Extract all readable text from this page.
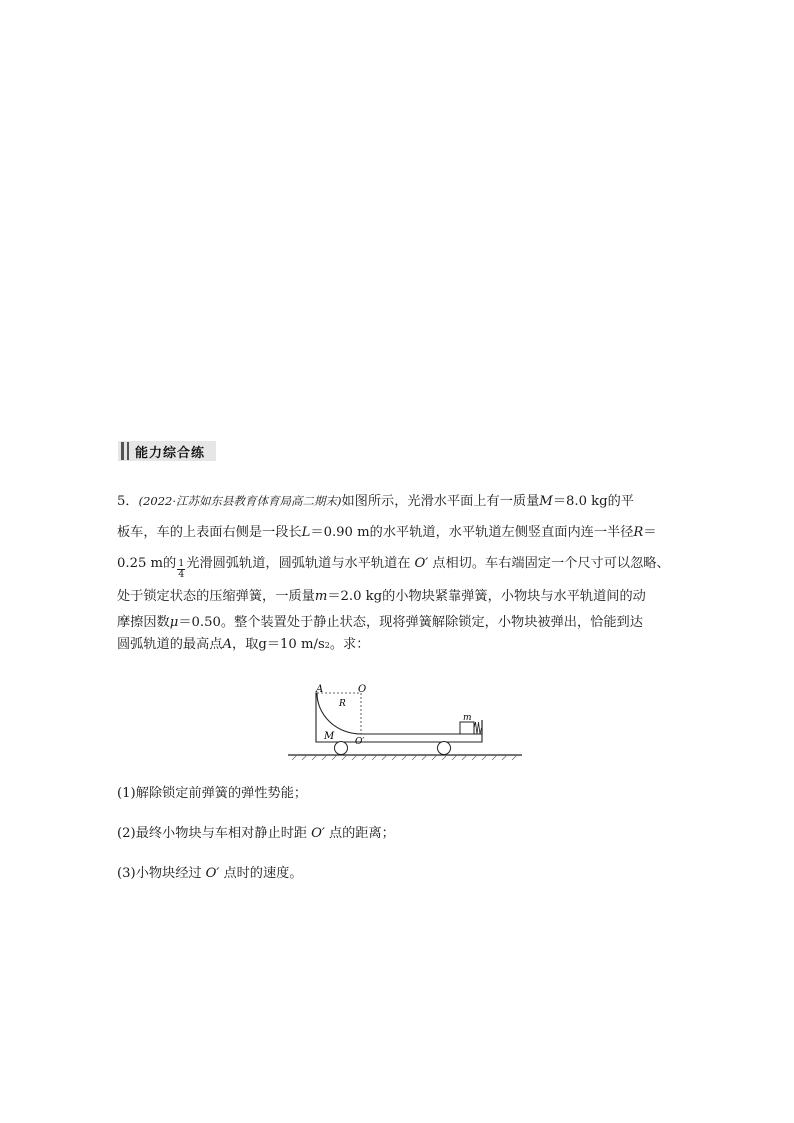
能力综合练
5． (2022·江苏如东县教育体育局高二期末) 如图所示，光滑水平面上有一质量 M ＝8.0 kg的平
板车，车的上表面右侧是一段长 L ＝0.90 m的水平轨道，水平轨道左侧竖直面内连一半径 R ＝
0.25 m的 $\frac{1}{4}$ 光滑圆弧轨道，圆弧轨道与水平轨道在 O′ 点相切。车右端固定一个尺寸可以忽略、
处于锁定状态的压缩弹簧，一质量 m ＝2.0 kg的小物块紧靠弹簧，小物块与水平轨道间的动
摩擦因数 μ ＝0.50。整个装置处于静止状态，现将弹簧解除锁定，小物块被弹出，恰能到达
圆弧轨道的最高点 A ，取g＝10 m/s 2 。求：
A	O
R
M O′
m
(1)解除锁定前弹簧的弹性势能；
(2)最终小物块与车相对静止时距 O′ 点的距离；
(3)小物块经过 O′ 点时的速度。
